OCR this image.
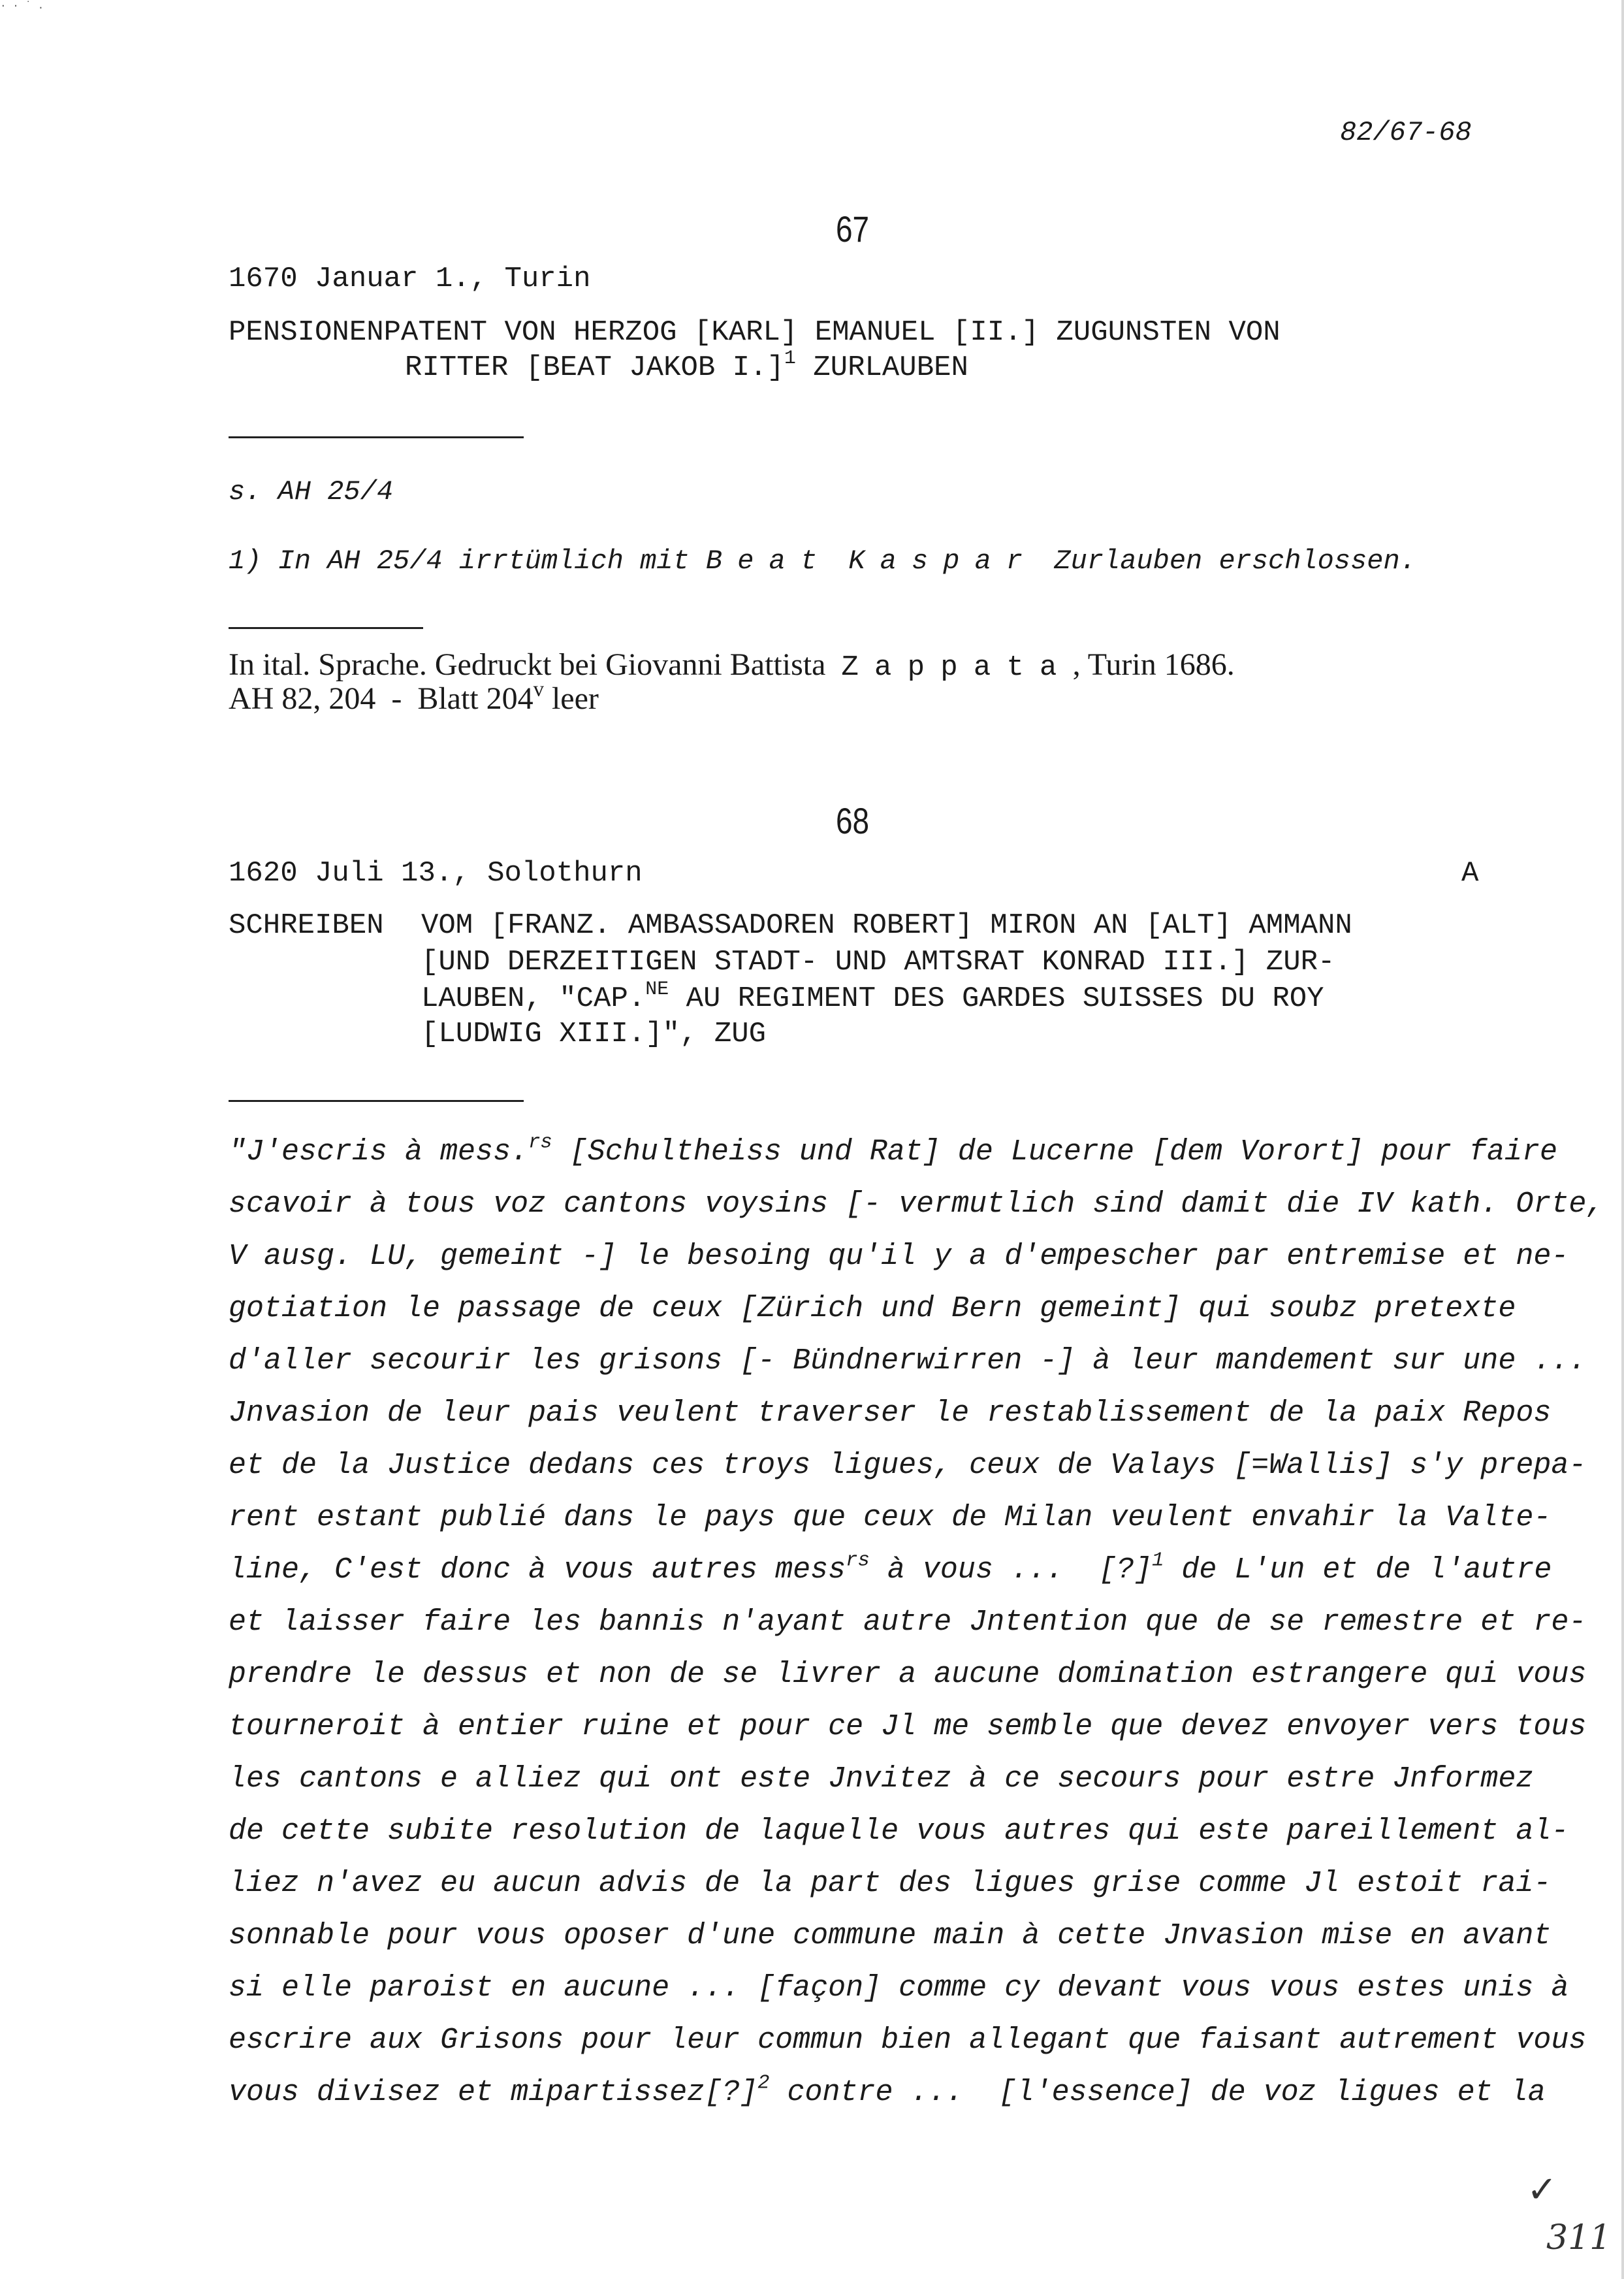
· · ˙ .
82/67-68
67
1670 Januar 1., Turin
PENSIONENPATENT VON HERZOG [KARL] EMANUEL [II.] ZUGUNSTEN VON
RITTER [BEAT JAKOB I.]$^1$ ZURLAUBEN
s. AH 25/4
1) In AH 25/4 irrtümlich mit Beat Kaspar Zurlauben erschlossen.
In ital. Sprache. Gedruckt bei Giovanni Battista  Zappata, Turin 1686.
AH 82, 204  -  Blatt 204$^v$ leer
68
1620 Juli 13., Solothurn	A
SCHREIBEN VOM [FRANZ. AMBASSADOREN ROBERT] MIRON AN [ALT] AMMANN
[UND DERZEITIGEN STADT- UND AMTSRAT KONRAD III.] ZUR-
LAUBEN, "CAP.$^{NE}$ AU REGIMENT DES GARDES SUISSES DU ROY
[LUDWIG XIII.]", ZUG
"J'escris à mess.$^{rs}$ [Schultheiss und Rat] de Lucerne [dem Vorort] pour faire
scavoir à tous voz cantons voysins [- vermutlich sind damit die IV kath. Orte,
V ausg. LU, gemeint -] le besoing qu'il y a d'empescher par entremise et ne-
gotiation le passage de ceux [Zürich und Bern gemeint] qui soubz pretexte
d'aller secourir les grisons [- Bündnerwirren -] à leur mandement sur une ...
Jnvasion de leur pais veulent traverser le restablissement de la paix Repos
et de la Justice dedans ces troys ligues, ceux de Valays [=Wallis] s'y prepa-
rent estant publié dans le pays que ceux de Milan veulent envahir la Valte-
line, C'est donc à vous autres mess$^{rs}$ à vous ...  [?]$^1$ de L'un et de l'autre
et laisser faire les bannis n'ayant autre Jntention que de se remestre et re-
prendre le dessus et non de se livrer a aucune domination estrangere qui vous
tourneroit à entier ruine et pour ce Jl me semble que devez envoyer vers tous
les cantons e alliez qui ont este Jnvitez à ce secours pour estre Jnformez
de cette subite resolution de laquelle vous autres qui este pareillement al-
liez n'avez eu aucun advis de la part des ligues grise comme Jl estoit rai-
sonnable pour vous oposer d'une commune main à cette Jnvasion mise en avant
si elle paroist en aucune ... [façon] comme cy devant vous vous estes unis à
escrire aux Grisons pour leur commun bien allegant que faisant autrement vous
vous divisez et mipartissez[?]$^2$ contre ...  [l'essence] de voz ligues et la
✓
311
